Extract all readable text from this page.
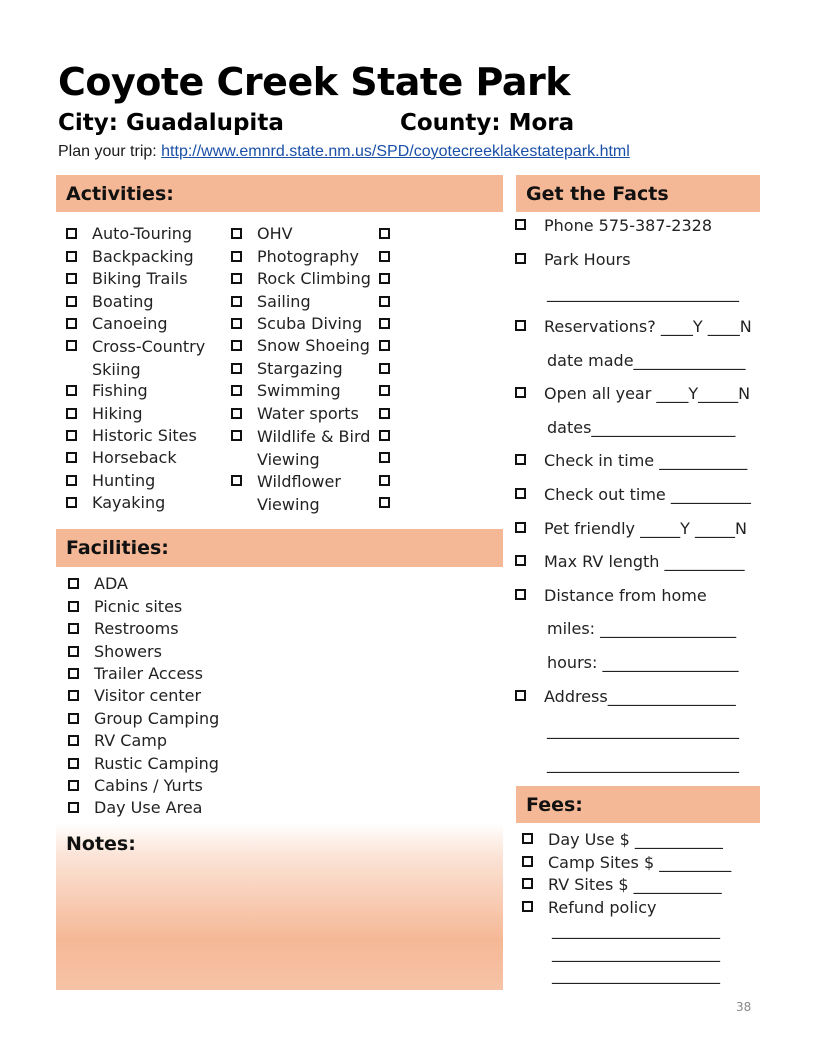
Coyote Creek State Park
City: Guadalupita	County: Mora
Plan your trip: http://www.emnrd.state.nm.us/SPD/coyotecreeklakestatepark.html
Activities:
Auto-Touring
Backpacking
Biking Trails
Boating
Canoeing
Cross-Country Skiing
Fishing
Hiking
Historic Sites
Horseback
Hunting
Kayaking
OHV
Photography
Rock Climbing
Sailing
Scuba Diving
Snow Shoeing
Stargazing
Swimming
Water sports
Wildlife & Bird Viewing
Wildflower Viewing
Facilities:
ADA
Picnic sites
Restrooms
Showers
Trailer Access
Visitor center
Group Camping
RV Camp
Rustic Camping
Cabins / Yurts
Day Use Area
Notes:
Get the Facts
Phone 575-387-2328
Park Hours
________________________
Reservations? ____Y ____N
date made______________
Open all year ____Y_____N
dates__________________
Check in time ___________
Check out time __________
Pet friendly _____Y _____N
Max RV length __________
Distance from home
miles: _________________
hours: _________________
Address________________
________________________
________________________
Fees:
Day Use $ ___________
Camp Sites $ _________
RV Sites $ ___________
Refund policy
_____________________
_____________________
_____________________
38
